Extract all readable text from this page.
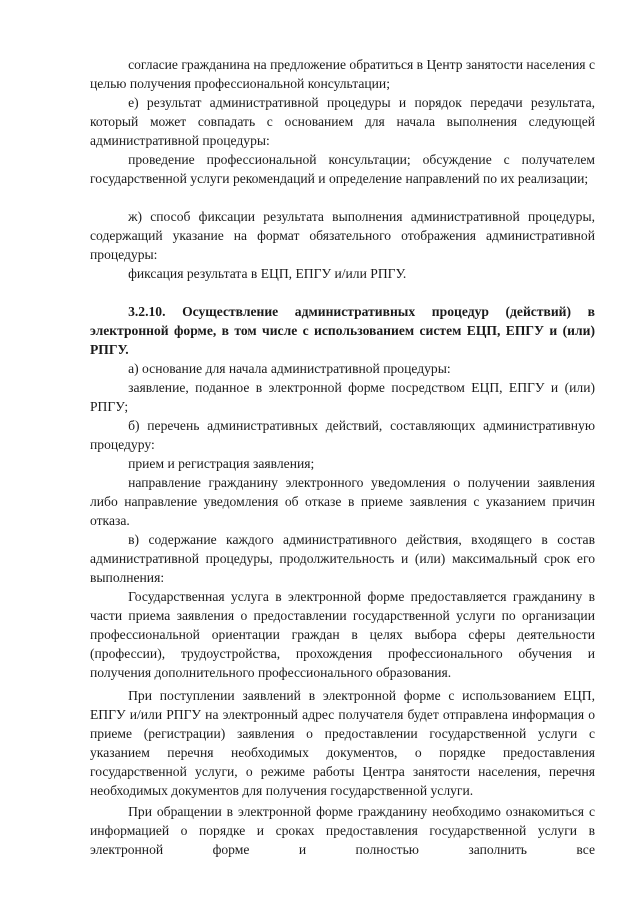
согласие гражданина на предложение обратиться в Центр занятости населения с целью получения профессиональной консультации;

е) результат административной процедуры и порядок передачи результата, который может совпадать с основанием для начала выполнения следующей административной процедуры:

проведение профессиональной консультации; обсуждение с получателем государственной услуги рекомендаций и определение направлений по их реализации;

ж) способ фиксации результата выполнения административной процедуры, содержащий указание на формат обязательного отображения административной процедуры:

фиксация результата в ЕЦП, ЕПГУ и/или РПГУ.

3.2.10. Осуществление административных процедур (действий) в электронной форме, в том числе с использованием систем ЕЦП, ЕПГУ и (или) РПГУ.

а) основание для начала административной процедуры:

заявление, поданное в электронной форме посредством ЕЦП, ЕПГУ и (или) РПГУ;

б) перечень административных действий, составляющих административную процедуру:

прием и регистрация заявления;

направление гражданину электронного уведомления о получении заявления либо направление уведомления об отказе в приеме заявления с указанием причин отказа.

в) содержание каждого административного действия, входящего в состав административной процедуры, продолжительность и (или) максимальный срок его выполнения:

Государственная услуга в электронной форме предоставляется гражданину в части приема заявления о предоставлении государственной услуги по организации профессиональной ориентации граждан в целях выбора сферы деятельности (профессии), трудоустройства, прохождения профессионального обучения и получения дополнительного профессионального образования.

При поступлении заявлений в электронной форме с использованием ЕЦП, ЕПГУ и/или РПГУ на электронный адрес получателя будет отправлена информация о приеме (регистрации) заявления о предоставлении государственной услуги с указанием перечня необходимых документов, о порядке предоставления государственной услуги, о режиме работы Центра занятости населения, перечня необходимых документов для получения государственной услуги.

При обращении в электронной форме гражданину необходимо ознакомиться с информацией о порядке и сроках предоставления государственной услуги в электронной форме и полностью заполнить все
